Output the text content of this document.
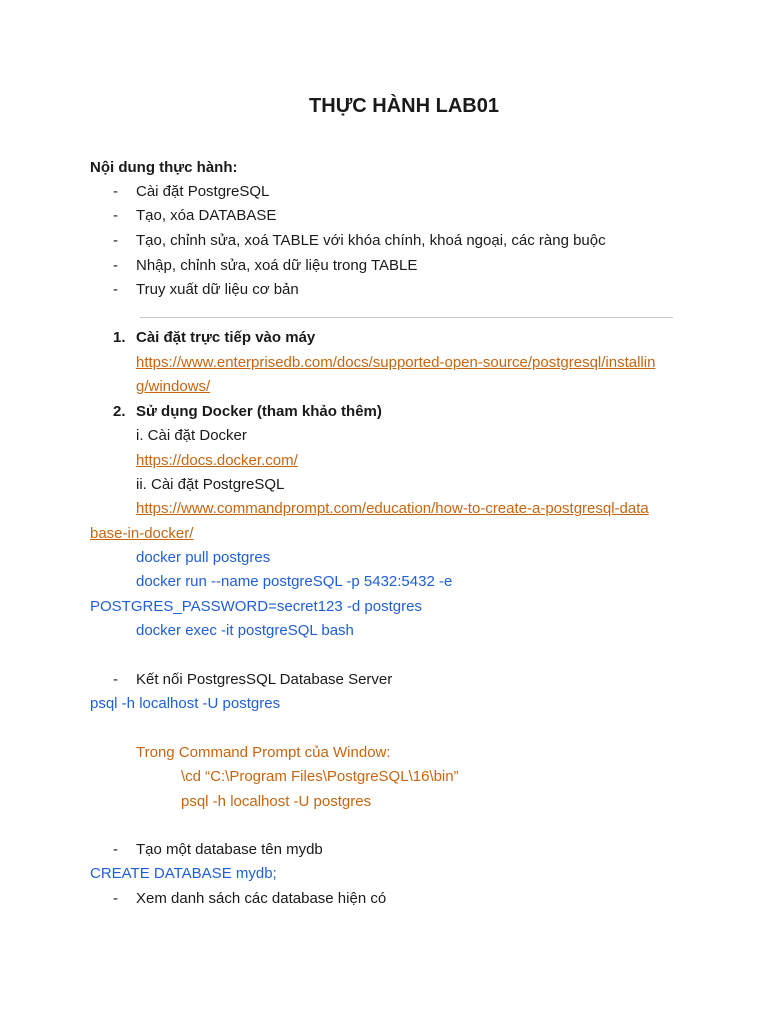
THỰC HÀNH LAB01
Nội dung thực hành:
- Cài đặt PostgreSQL
- Tạo, xóa DATABASE
- Tạo, chỉnh sửa, xoá TABLE với khóa chính, khoá ngoại, các ràng buộc
- Nhập, chỉnh sửa, xoá dữ liệu trong TABLE
- Truy xuất dữ liệu cơ bản
1. Cài đặt trực tiếp vào máy
https://www.enterprisedb.com/docs/supported-open-source/postgresql/installin
g/windows/
2. Sử dụng Docker (tham khảo thêm)
i. Cài đặt Docker
https://docs.docker.com/
ii. Cài đặt PostgreSQL
https://www.commandprompt.com/education/how-to-create-a-postgresql-data
base-in-docker/
docker pull postgres
docker run --name postgreSQL -p 5432:5432 -e
POSTGRES_PASSWORD=secret123 -d postgres
docker exec -it postgreSQL bash
- Kết nối PostgresSQL Database Server
psql -h localhost -U postgres
Trong Command Prompt của Window:
\cd “C:\Program Files\PostgreSQL\16\bin”
psql -h localhost -U postgres
- Tạo một database tên mydb
CREATE DATABASE mydb;
- Xem danh sách các database hiện có
